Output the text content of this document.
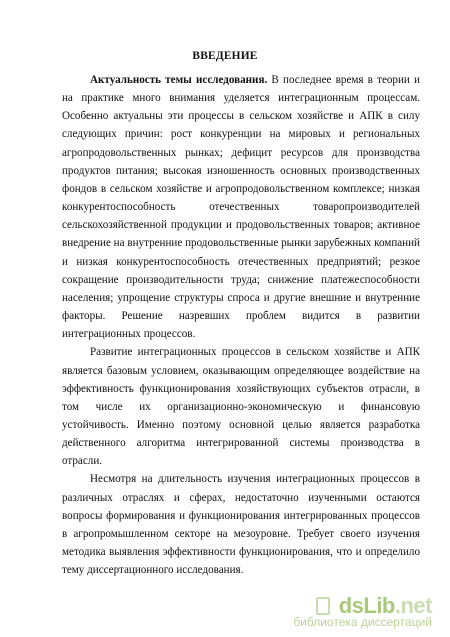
ВВЕДЕНИЕ

Актуальность темы исследования. В последнее время в теории и на практике много внимания уделяется интеграционным процессам. Особенно актуальны эти процессы в сельском хозяйстве и АПК в силу следующих причин: рост конкуренции на мировых и региональных агропродовольственных рынках; дефицит ресурсов для производства продуктов питания; высокая изношенность основных производственных фондов в сельском хозяйстве и агропродовольственном комплексе; низкая конкурентоспособность отечественных товаропроизводителей сельскохозяйственной продукции и продовольственных товаров; активное внедрение на внутренние продовольственные рынки зарубежных компаний и низкая конкурентоспособность отечественных предприятий; резкое сокращение производительности труда; снижение платежеспособности населения; упрощение структуры спроса и другие внешние и внутренние факторы. Решение назревших проблем видится в развитии интеграционных процессов.

Развитие интеграционных процессов в сельском хозяйстве и АПК является базовым условием, оказывающим определяющее воздействие на эффективность функционирования хозяйствующих субъектов отрасли, в том числе их организационно-экономическую и финансовую устойчивость. Именно поэтому основной целью является разработка действенного алгоритма интегрированной системы производства в отрасли.

Несмотря на длительность изучения интеграционных процессов в различных отраслях и сферах, недостаточно изученными остаются вопросы формирования и функционирования интегрированных процессов в агропромышленном секторе на мезоуровне. Требует своего изучения методика выявления эффективности функционирования, что и определило тему диссертационного исследования.

dsLib.net
библиотека диссертаций
